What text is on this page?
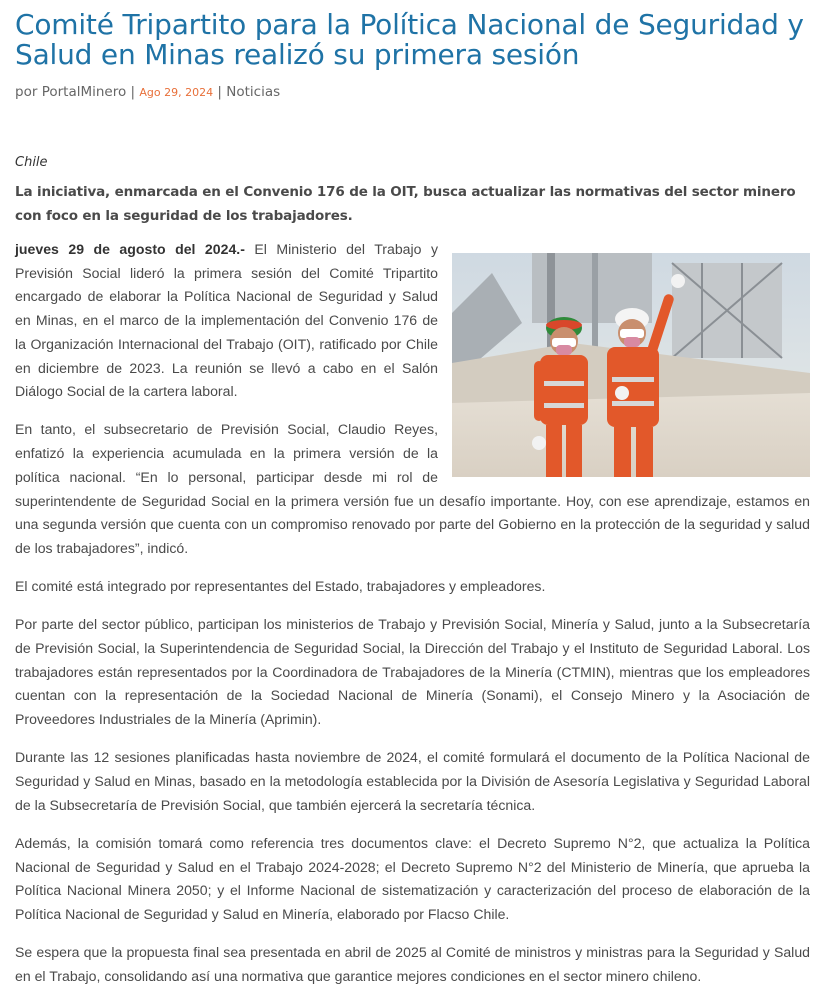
Comité Tripartito para la Política Nacional de Seguridad y Salud en Minas realizó su primera sesión
por PortalMinero | Ago 29, 2024 | Noticias
Chile
La iniciativa, enmarcada en el Convenio 176 de la OIT, busca actualizar las normativas del sector minero con foco en la seguridad de los trabajadores.

jueves 29 de agosto del 2024.- El Ministerio del Trabajo y Previsión Social lideró la primera sesión del Comité Tripartito encargado de elaborar la Política Nacional de Seguridad y Salud en Minas, en el marco de la implementación del Convenio 176 de la Organización Internacional del Trabajo (OIT), ratificado por Chile en diciembre de 2023. La reunión se llevó a cabo en el Salón Diálogo Social de la cartera laboral.

En tanto, el subsecretario de Previsión Social, Claudio Reyes, enfatizó la experiencia acumulada en la primera versión de la política nacional. “En lo personal, participar desde mi rol de superintendente de Seguridad Social en la primera versión fue un desafío importante. Hoy, con ese aprendizaje, estamos en una segunda versión que cuenta con un compromiso renovado por parte del Gobierno en la protección de la seguridad y salud de los trabajadores”, indicó.

El comité está integrado por representantes del Estado, trabajadores y empleadores.

Por parte del sector público, participan los ministerios de Trabajo y Previsión Social, Minería y Salud, junto a la Subsecretaría de Previsión Social, la Superintendencia de Seguridad Social, la Dirección del Trabajo y el Instituto de Seguridad Laboral. Los trabajadores están representados por la Coordinadora de Trabajadores de la Minería (CTMIN), mientras que los empleadores cuentan con la representación de la Sociedad Nacional de Minería (Sonami), el Consejo Minero y la Asociación de Proveedores Industriales de la Minería (Aprimin).

Durante las 12 sesiones planificadas hasta noviembre de 2024, el comité formulará el documento de la Política Nacional de Seguridad y Salud en Minas, basado en la metodología establecida por la División de Asesoría Legislativa y Seguridad Laboral de la Subsecretaría de Previsión Social, que también ejercerá la secretaría técnica.

Además, la comisión tomará como referencia tres documentos clave: el Decreto Supremo N°2, que actualiza la Política Nacional de Seguridad y Salud en el Trabajo 2024-2028; el Decreto Supremo N°2 del Ministerio de Minería, que aprueba la Política Nacional Minera 2050; y el Informe Nacional de sistematización y caracterización del proceso de elaboración de la Política Nacional de Seguridad y Salud en Minería, elaborado por Flacso Chile.

Se espera que la propuesta final sea presentada en abril de 2025 al Comité de ministros y ministras para la Seguridad y Salud en el Trabajo, consolidando así una normativa que garantice mejores condiciones en el sector minero chileno.
